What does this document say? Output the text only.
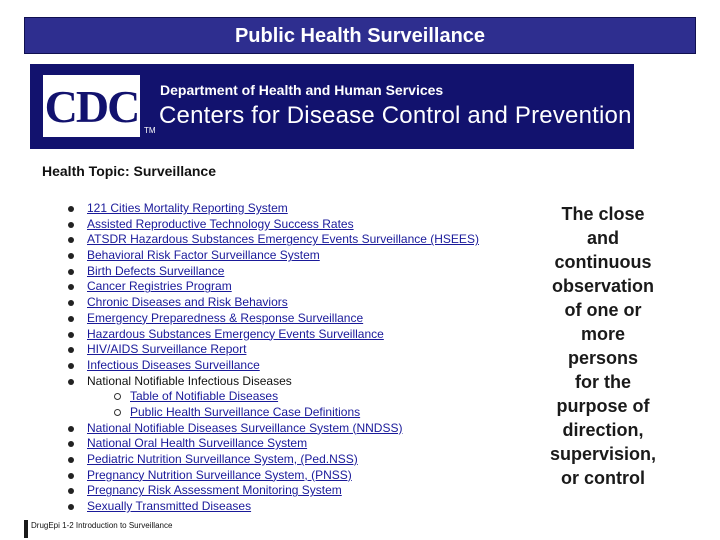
Public Health Surveillance
CDC TM
Department of Health and Human Services
Centers for Disease Control and Prevention
Health Topic: Surveillance
121 Cities Mortality Reporting System
Assisted Reproductive Technology Success Rates
ATSDR Hazardous Substances Emergency Events Surveillance (HSEES)
Behavioral Risk Factor Surveillance System
Birth Defects Surveillance
Cancer Registries Program
Chronic Diseases and Risk Behaviors
Emergency Preparedness & Response Surveillance
Hazardous Substances Emergency Events Surveillance
HIV/AIDS Surveillance Report
Infectious Diseases Surveillance
National Notifiable Infectious Diseases
Table of Notifiable Diseases
Public Health Surveillance Case Definitions
National Notifiable Diseases Surveillance System (NNDSS)
National Oral Health Surveillance System
Pediatric Nutrition Surveillance System, (Ped.NSS)
Pregnancy Nutrition Surveillance System, (PNSS)
Pregnancy Risk Assessment Monitoring System
Sexually Transmitted Diseases
DrugEpi 1-2 Introduction to Surveillance
The close
and
continuous
observation
of one or
more
persons
for the
purpose of
direction,
supervision,
or control
